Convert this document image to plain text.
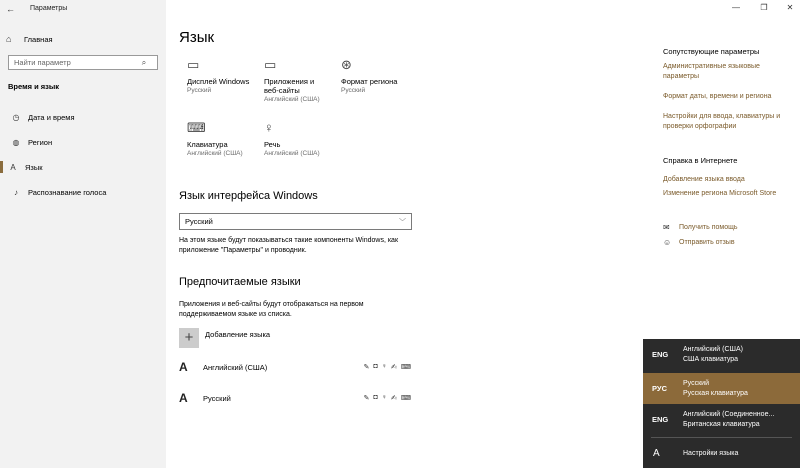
←	Параметры
⌂	Главная
Найти параметр
⌕
Время и язык
◷	Дата и время
◍	Регион
A	Язык
♪	Распознавание голоса
—	❐	✕
Язык
▭
Дисплей Windows
Русский
▭
Приложения и веб-сайты
Английский (США)
⊛
Формат региона
Русский
⌨
Клавиатура
Английский (США)
♀
Речь
Английский (США)
Язык интерфейса Windows
Русский	﹀
На этом языке будут показываться такие компоненты Windows, как приложение "Параметры" и проводник.
Предпочитаемые языки
Приложения и веб-сайты будут отображаться на первом поддерживаемом языке из списка.
+	Добавление языка
A	Английский (США)	✎ ◘ ♀ ✍ ⌨
A	Русский	✎ ◘ ♀ ✍ ⌨
Сопутствующие параметры
Административные языковые параметры
Формат даты, времени и региона
Настройки для ввода, клавиатуры и проверки орфографии
Справка в Интернете
Добавление языка ввода
Изменение региона Microsoft Store
✉	Получить помощь
☺	Отправить отзыв
ENG
Английский (США)
США клавиатура
РУС
Русский
Русская клавиатура
ENG
Английский (Соединенное...
Британская клавиатура
A	Настройки языка
